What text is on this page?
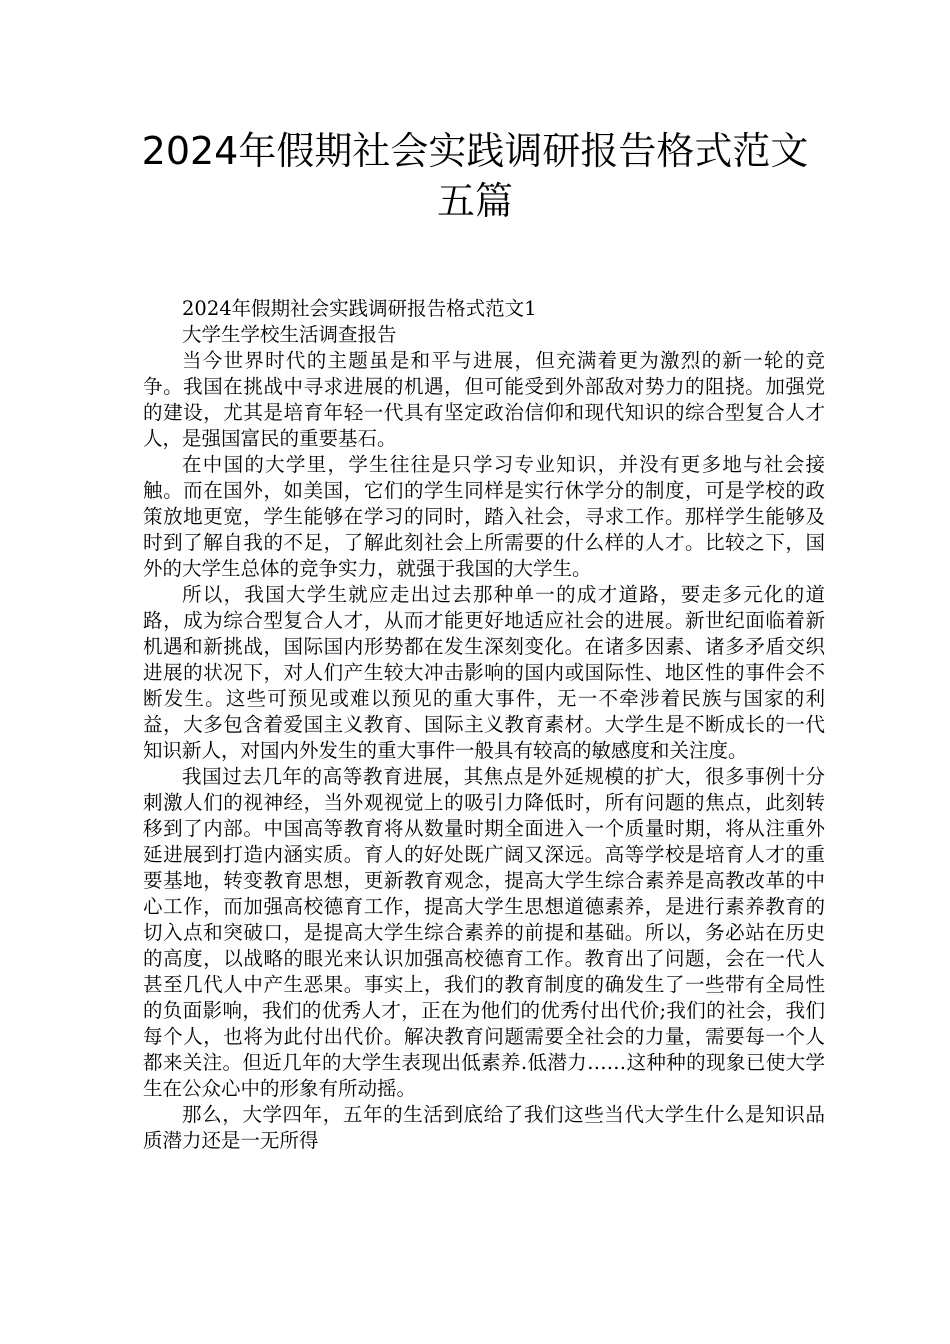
2024年假期社会实践调研报告格式范文
五篇

2024年假期社会实践调研报告格式范文1

大学生学校生活调查报告

当今世界时代的主题虽是和平与进展，但充满着更为激烈的新一轮的竞争。我国在挑战中寻求进展的机遇，但可能受到外部敌对势力的阻挠。加强党的建设，尤其是培育年轻一代具有坚定政治信仰和现代知识的综合型复合人才人，是强国富民的重要基石。

在中国的大学里，学生往往是只学习专业知识，并没有更多地与社会接触。而在国外，如美国，它们的学生同样是实行休学分的制度，可是学校的政策放地更宽，学生能够在学习的同时，踏入社会，寻求工作。那样学生能够及时到了解自我的不足，了解此刻社会上所需要的什么样的人才。比较之下，国外的大学生总体的竞争实力，就强于我国的大学生。

所以，我国大学生就应走出过去那种单一的成才道路，要走多元化的道路，成为综合型复合人才，从而才能更好地适应社会的进展。新世纪面临着新机遇和新挑战，国际国内形势都在发生深刻变化。在诸多因素、诸多矛盾交织进展的状况下，对人们产生较大冲击影响的国内或国际性、地区性的事件会不断发生。这些可预见或难以预见的重大事件，无一不牵涉着民族与国家的利益，大多包含着爱国主义教育、国际主义教育素材。大学生是不断成长的一代知识新人，对国内外发生的重大事件一般具有较高的敏感度和关注度。

我国过去几年的高等教育进展，其焦点是外延规模的扩大，很多事例十分刺激人们的视神经，当外观视觉上的吸引力降低时，所有问题的焦点，此刻转移到了内部。中国高等教育将从数量时期全面进入一个质量时期，将从注重外延进展到打造内涵实质。育人的好处既广阔又深远。高等学校是培育人才的重要基地，转变教育思想，更新教育观念，提高大学生综合素养是高教改革的中心工作，而加强高校德育工作，提高大学生思想道德素养，是进行素养教育的切入点和突破口，是提高大学生综合素养的前提和基础。所以，务必站在历史的高度，以战略的眼光来认识加强高校德育工作。教育出了问题，会在一代人甚至几代人中产生恶果。事实上，我们的教育制度的确发生了一些带有全局性的负面影响，我们的优秀人才，正在为他们的优秀付出代价;我们的社会，我们每个人，也将为此付出代价。解决教育问题需要全社会的力量，需要每一个人都来关注。但近几年的大学生表现出低素养.低潜力……这种种的现象已使大学生在公众心中的形象有所动摇。

那么，大学四年，五年的生活到底给了我们这些当代大学生什么是知识品质潜力还是一无所得
